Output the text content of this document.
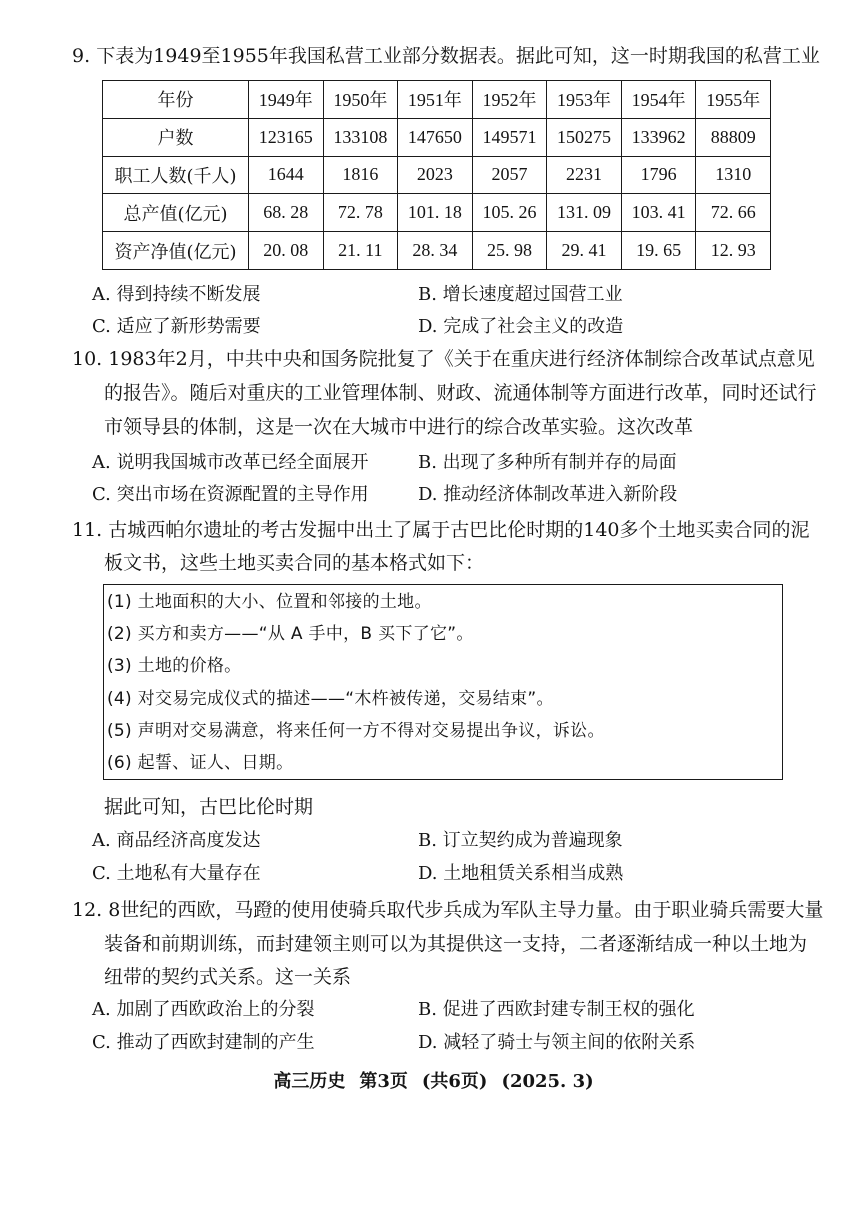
9. 下表为1949至1955年我国私营工业部分数据表。据此可知，这一时期我国的私营工业
年份	1949年	1950年	1951年	1952年	1953年	1954年	1955年
户数	123165	133108	147650	149571	150275	133962	88809
职工人数(千人)	1644	1816	2023	2057	2231	1796	1310
总产值(亿元)	68. 28	72. 78	101. 18	105. 26	131. 09	103. 41	72. 66
资产净值(亿元)	20. 08	21. 11	28. 34	25. 98	29. 41	19. 65	12. 93
A. 得到持续不断发展	B. 增长速度超过国营工业
C. 适应了新形势需要	D. 完成了社会主义的改造
10. 1983年2月，中共中央和国务院批复了《关于在重庆进行经济体制综合改革试点意见
的报告》。随后对重庆的工业管理体制、财政、流通体制等方面进行改革，同时还试行
市领导县的体制，这是一次在大城市中进行的综合改革实验。这次改革
A. 说明我国城市改革已经全面展开	B. 出现了多种所有制并存的局面
C. 突出市场在资源配置的主导作用	D. 推动经济体制改革进入新阶段
11. 古城西帕尔遗址的考古发掘中出土了属于古巴比伦时期的140多个土地买卖合同的泥
板文书，这些土地买卖合同的基本格式如下：
(1) 土地面积的大小、位置和邻接的土地。
(2) 买方和卖方——“从 A 手中，B 买下了它”。
(3) 土地的价格。
(4) 对交易完成仪式的描述——“木杵被传递，交易结束”。
(5) 声明对交易满意，将来任何一方不得对交易提出争议，诉讼。
(6) 起誓、证人、日期。
据此可知，古巴比伦时期
A. 商品经济高度发达	B. 订立契约成为普遍现象
C. 土地私有大量存在	D. 土地租赁关系相当成熟
12. 8世纪的西欧，马蹬的使用使骑兵取代步兵成为军队主导力量。由于职业骑兵需要大量
装备和前期训练，而封建领主则可以为其提供这一支持，二者逐渐结成一种以土地为
纽带的契约式关系。这一关系
A. 加剧了西欧政治上的分裂	B. 促进了西欧封建专制王权的强化
C. 推动了西欧封建制的产生	D. 减轻了骑士与领主间的依附关系
高三历史 第3页 (共6页) (2025. 3)
